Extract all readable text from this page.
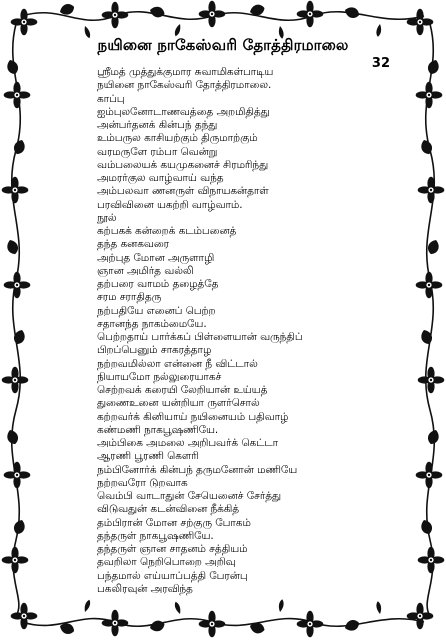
நயினை நாகேஸ்வரி தோத்திரமாலை
32
ஸ்ரீமத் முத்துக்குமார சுவாமிகள்பாடிய
நயினை நாகேஸ்வரி தோத்திரமாலை.
காப்பு
ஐம்புலனோடாணவத்தை அறமிதித்து
அன்பர்தனக் கின்பந் தந்து
உம்பருல காசியற்கும் திருமாற்கும்
வரமருளே ரம்பா வென்று
வம்பலையக் கயமுகனைச் சிரமரிந்து
அமரர்குல வாழ்வாய் வந்த
அம்பலவா ணனருள் விநாயகன்தாள்
பரவிவினை யகற்றி வாழ்வாம்.
நூல்
கற்பகக் கன்றைக் கடம்பனைத்
தந்த கனகவரை
அற்புத மோன அருளாழி
ஞான அமிர்த வல்லி
தற்பரை வாமம் தழைத்தே
சரம சராதிதரு
நற்பதியே எனைப் பெற்ற
சதானந்த நாகம்மையே.
பெற்றதாய் பார்க்கப் பிள்ளையான் வருந்திப்
பிறப்பெனும் சாகரத்தாழ
நற்றவமில்லா என்னை நீ விட்டால்
நியாயமோ நல்லுரையாகச்
செற்றவக் கரையி லேறியான் உய்யத்
துணைஉனை யன்றியா ருளர்சொல்
கற்றவர்க் கினியாய் நயினையம் பதிவாழ்
கண்மணி நாகபூஷணியே.
அம்பிகை அமலை அறிபவர்க் கெட்டா
ஆரணி பூரணி கௌரி
நம்பினோர்க் கின்பந் தருமனோன் மணியே
நற்றவரோ டுறவாக
வெம்பி வாடாதுன் சேயெனைச் சேர்த்து
விடுவதுன் கடன்வினை நீக்கித்
தம்பிரான் மோன சற்குரு போகம்
தந்தருள் நாகபூஷணியே.
தந்தருள் ஞான சாதனம் சத்தியம்
தவறிலா நெறிபொறை அறிவு
பந்தமால் எய்யாப்பத்தி பேரன்பு
பகலிரவுன் அரவிந்த
